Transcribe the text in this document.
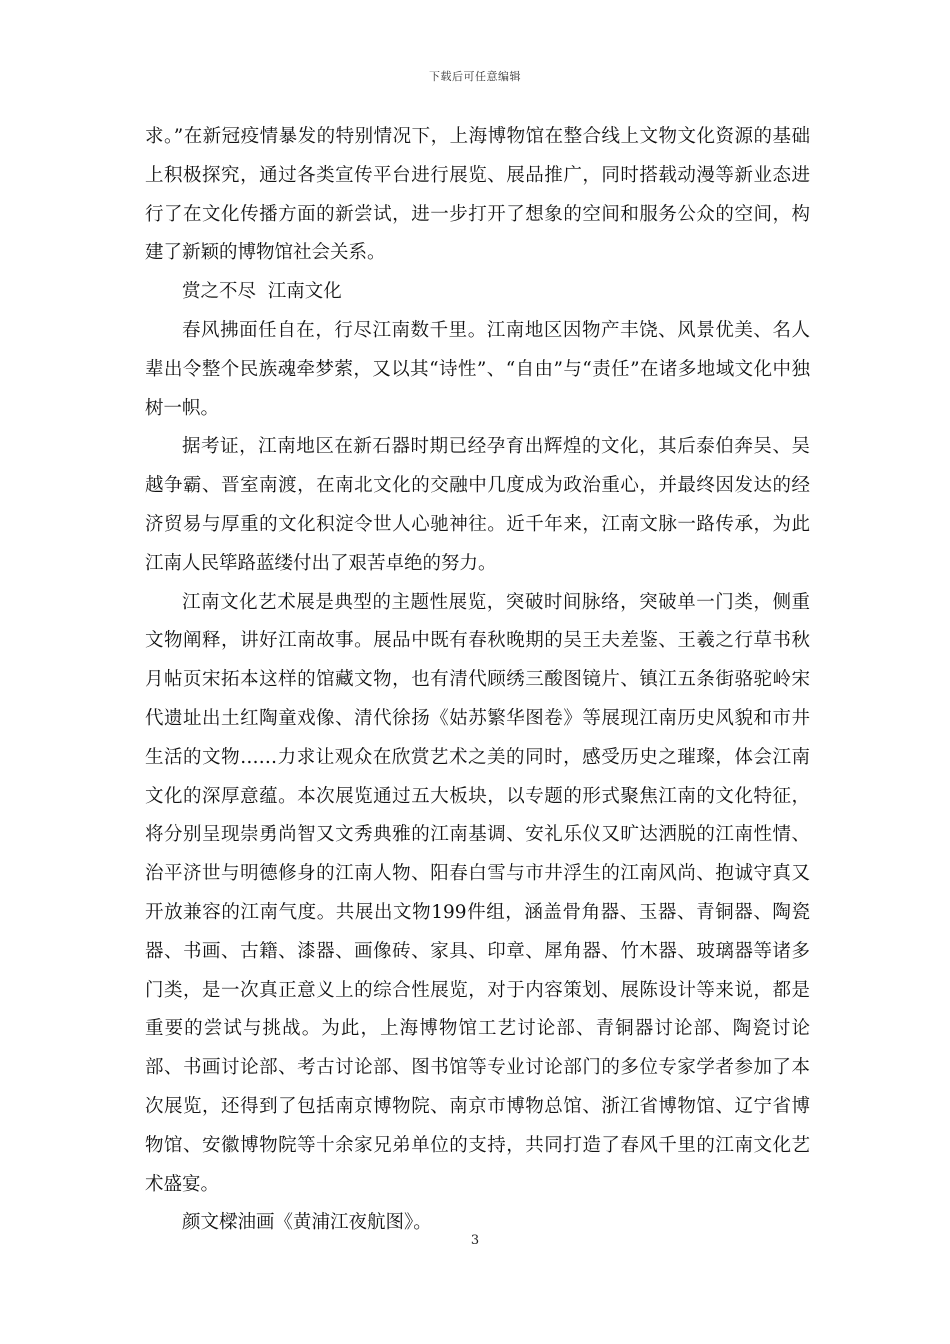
下载后可任意编辑

求。”在新冠疫情暴发的特别情况下，上海博物馆在整合线上文物文化资源的基础上积极探究，通过各类宣传平台进行展览、展品推广，同时搭载动漫等新业态进行了在文化传播方面的新尝试，进一步打开了想象的空间和服务公众的空间，构建了新颖的博物馆社会关系。

赏之不尽  江南文化

春风拂面任自在，行尽江南数千里。江南地区因物产丰饶、风景优美、名人辈出令整个民族魂牵梦萦，又以其“诗性”、“自由”与“责任”在诸多地域文化中独树一帜。

据考证，江南地区在新石器时期已经孕育出辉煌的文化，其后泰伯奔吴、吴越争霸、晋室南渡，在南北文化的交融中几度成为政治重心，并最终因发达的经济贸易与厚重的文化积淀令世人心驰神往。近千年来，江南文脉一路传承，为此江南人民筚路蓝缕付出了艰苦卓绝的努力。

江南文化艺术展是典型的主题性展览，突破时间脉络，突破单一门类，侧重文物阐释，讲好江南故事。展品中既有春秋晚期的吴王夫差鉴、王羲之行草书秋月帖页宋拓本这样的馆藏文物，也有清代顾绣三酸图镜片、镇江五条街骆驼岭宋代遗址出土红陶童戏像、清代徐扬《姑苏繁华图卷》等展现江南历史风貌和市井生活的文物……力求让观众在欣赏艺术之美的同时，感受历史之璀璨，体会江南文化的深厚意蕴。本次展览通过五大板块，以专题的形式聚焦江南的文化特征，将分别呈现崇勇尚智又文秀典雅的江南基调、安礼乐仪又旷达洒脱的江南性情、治平济世与明德修身的江南人物、阳春白雪与市井浮生的江南风尚、抱诚守真又开放兼容的江南气度。共展出文物199件组，涵盖骨角器、玉器、青铜器、陶瓷器、书画、古籍、漆器、画像砖、家具、印章、犀角器、竹木器、玻璃器等诸多门类，是一次真正意义上的综合性展览，对于内容策划、展陈设计等来说，都是重要的尝试与挑战。为此，上海博物馆工艺讨论部、青铜器讨论部、陶瓷讨论部、书画讨论部、考古讨论部、图书馆等专业讨论部门的多位专家学者参加了本次展览，还得到了包括南京博物院、南京市博物总馆、浙江省博物馆、辽宁省博物馆、安徽博物院等十余家兄弟单位的支持，共同打造了春风千里的江南文化艺术盛宴。

颜文樑油画《黄浦江夜航图》。

3
